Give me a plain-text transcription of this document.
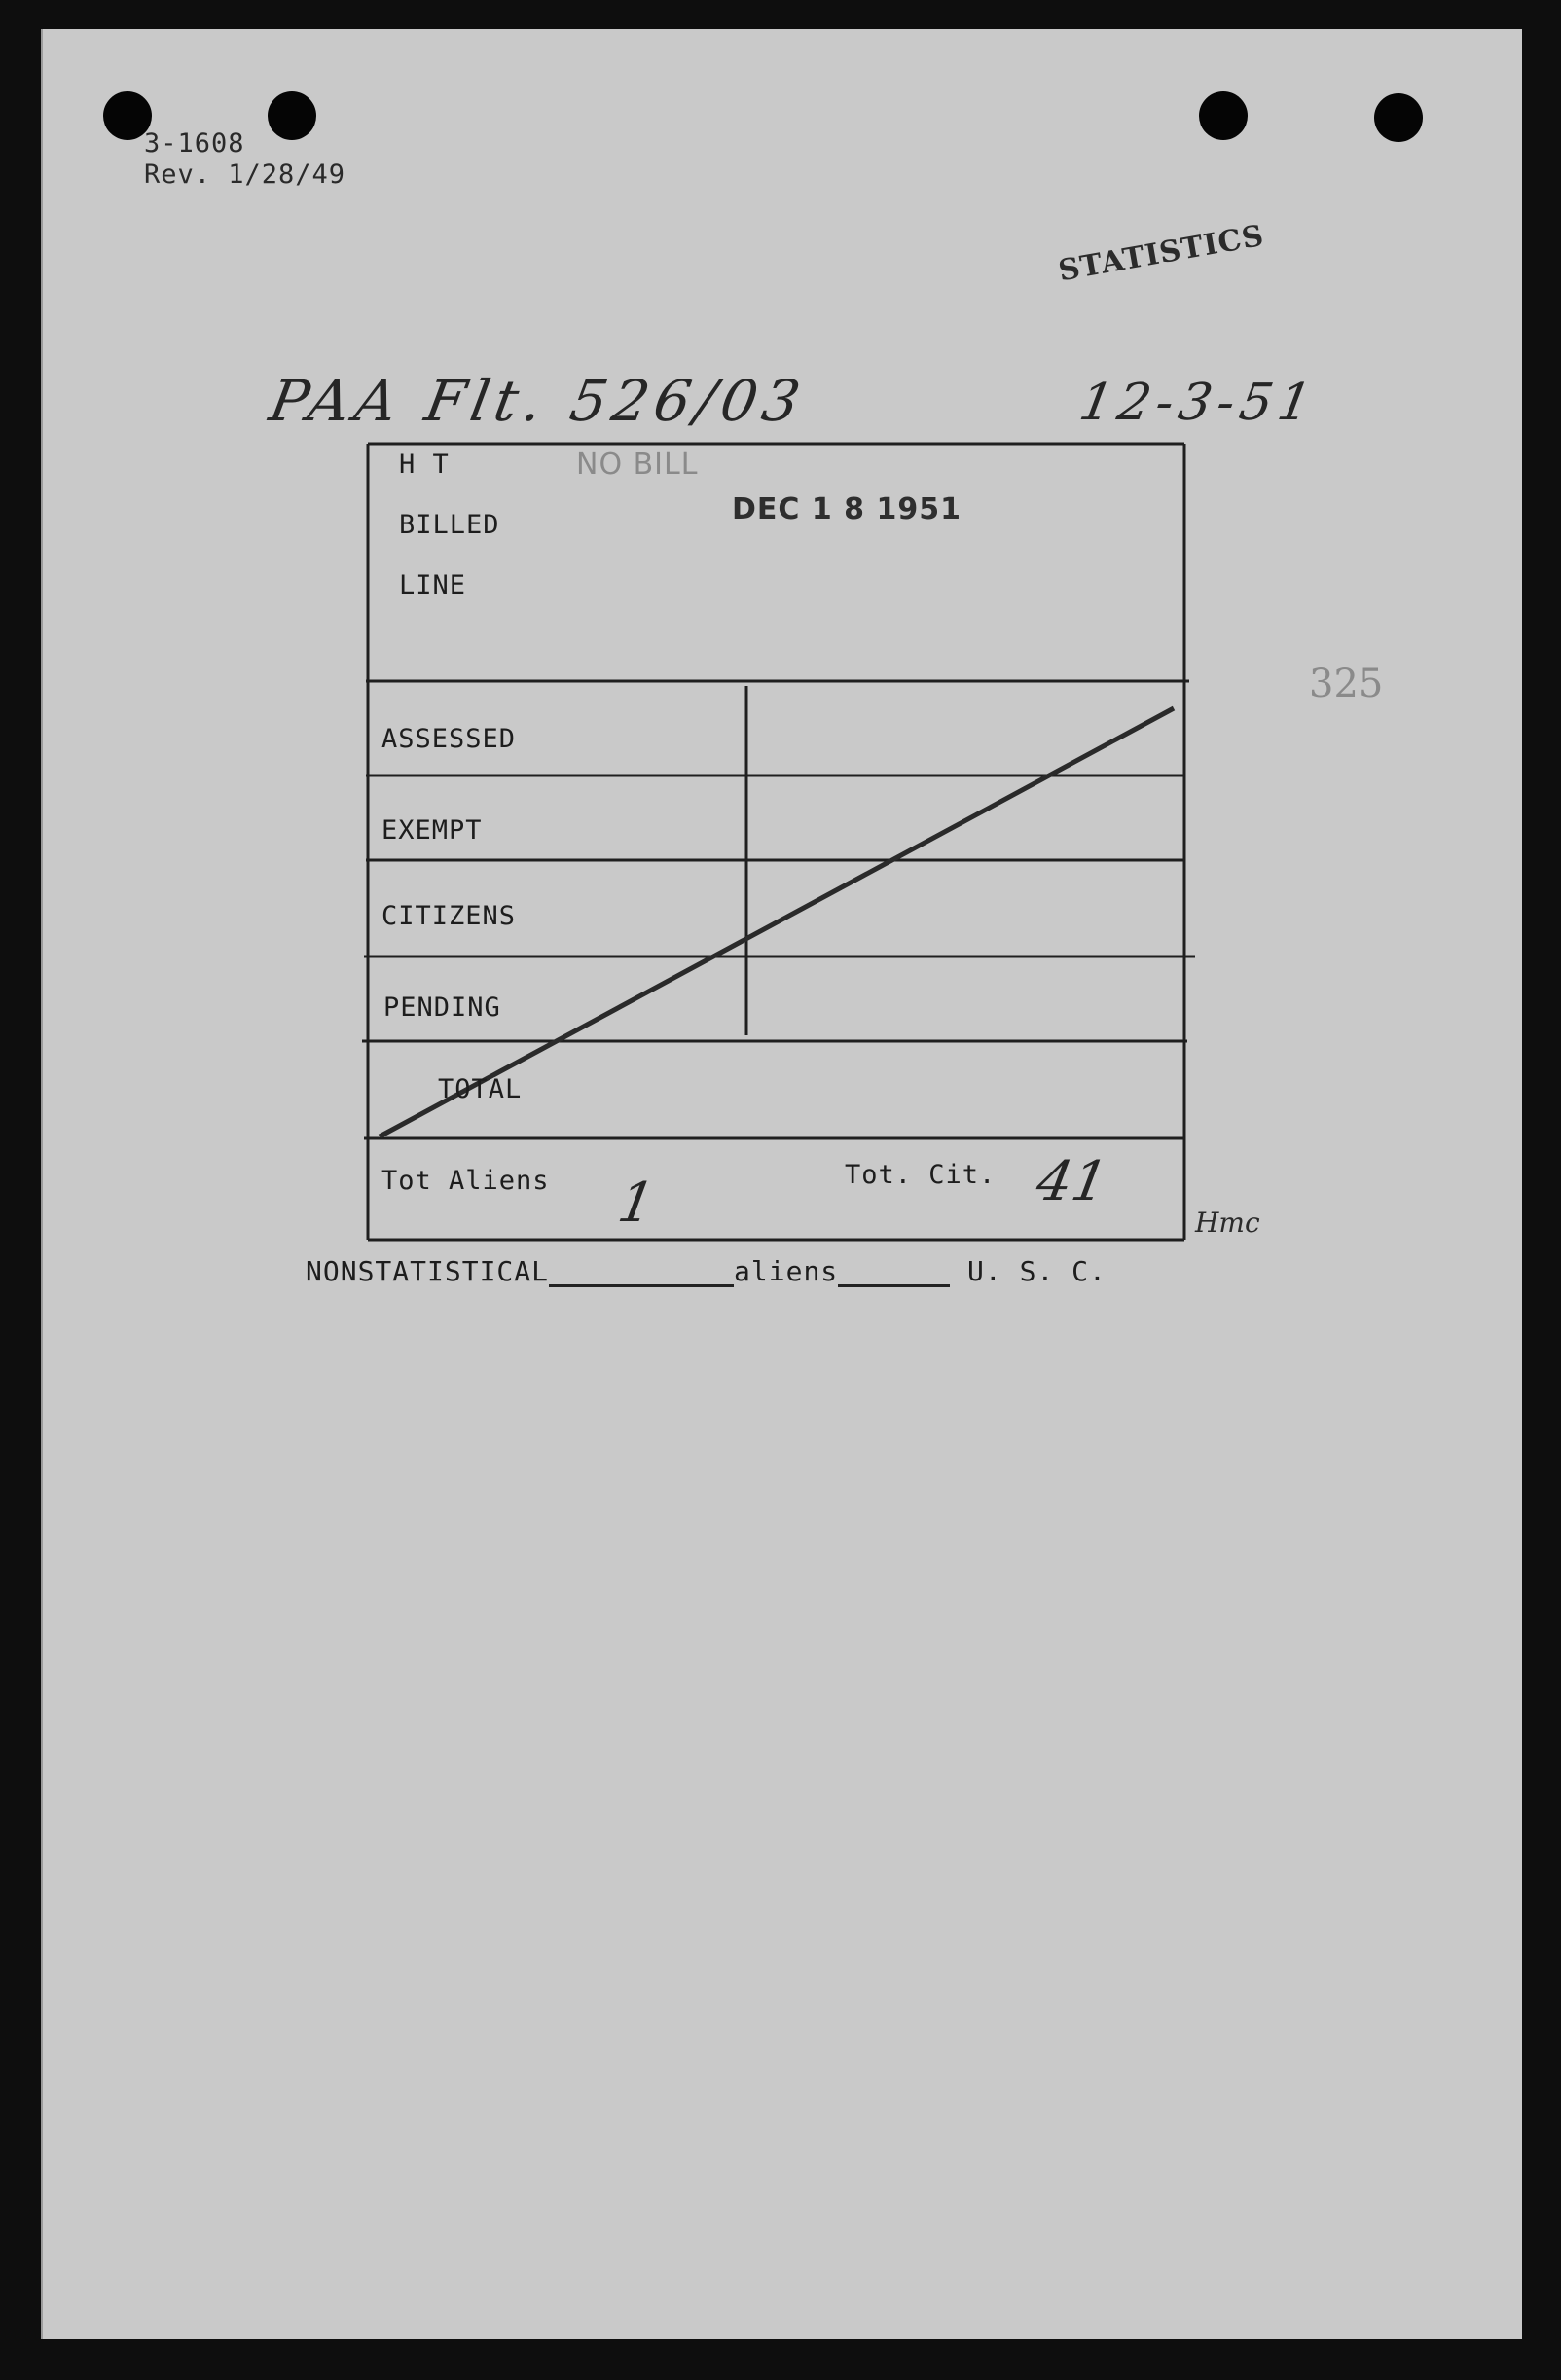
3-1608
Rev. 1/28/49
STATISTICS
PAA Flt. 526/03	12-3-51
NO BILL
DEC 1 8 1951
325
H T
BILLED
LINE
ASSESSED
EXEMPT
CITIZENS
PENDING
TOTAL
Tot Aliens 1	Tot. Cit. 41
Hmc
NONSTATISTICAL	aliens	U. S. C.
